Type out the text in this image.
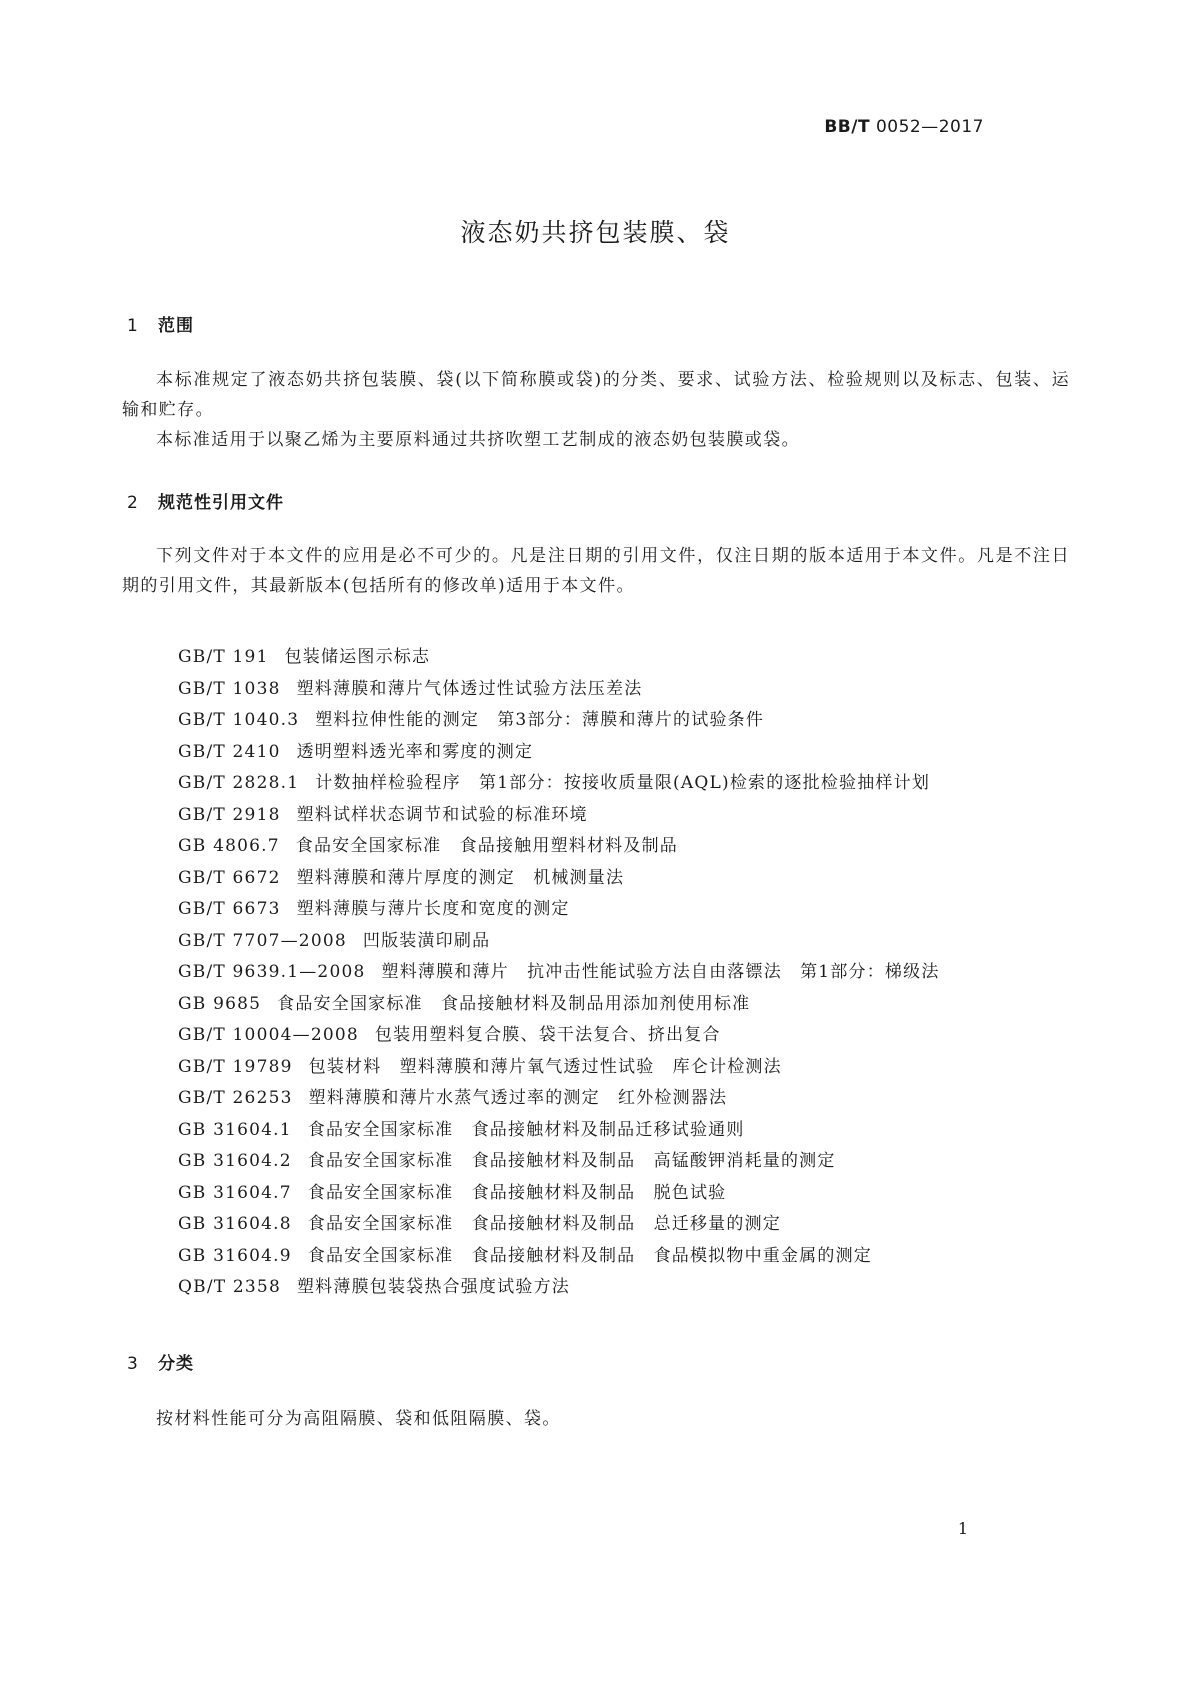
BB/T 0052—2017
液态奶共挤包装膜、袋
1 范围

本标准规定了液态奶共挤包装膜、袋(以下简称膜或袋)的分类、要求、试验方法、检验规则以及标志、包装、运输和贮存。

本标准适用于以聚乙烯为主要原料通过共挤吹塑工艺制成的液态奶包装膜或袋。

2 规范性引用文件

下列文件对于本文件的应用是必不可少的。凡是注日期的引用文件，仅注日期的版本适用于本文件。凡是不注日期的引用文件，其最新版本(包括所有的修改单)适用于本文件。

GB/T 191 包装储运图示标志
GB/T 1038 塑料薄膜和薄片气体透过性试验方法压差法
GB/T 1040.3 塑料拉伸性能的测定　第3部分：薄膜和薄片的试验条件
GB/T 2410 透明塑料透光率和雾度的测定
GB/T 2828.1 计数抽样检验程序　第1部分：按接收质量限(AQL)检索的逐批检验抽样计划
GB/T 2918 塑料试样状态调节和试验的标准环境
GB 4806.7 食品安全国家标准　食品接触用塑料材料及制品
GB/T 6672 塑料薄膜和薄片厚度的测定　机械测量法
GB/T 6673 塑料薄膜与薄片长度和宽度的测定
GB/T 7707—2008 凹版装潢印刷品
GB/T 9639.1—2008 塑料薄膜和薄片　抗冲击性能试验方法自由落镖法　第1部分：梯级法
GB 9685 食品安全国家标准　食品接触材料及制品用添加剂使用标准
GB/T 10004—2008 包装用塑料复合膜、袋干法复合、挤出复合
GB/T 19789 包装材料　塑料薄膜和薄片氧气透过性试验　库仑计检测法
GB/T 26253 塑料薄膜和薄片水蒸气透过率的测定　红外检测器法
GB 31604.1 食品安全国家标准　食品接触材料及制品迁移试验通则
GB 31604.2 食品安全国家标准　食品接触材料及制品　高锰酸钾消耗量的测定
GB 31604.7 食品安全国家标准　食品接触材料及制品　脱色试验
GB 31604.8 食品安全国家标准　食品接触材料及制品　总迁移量的测定
GB 31604.9 食品安全国家标准　食品接触材料及制品　食品模拟物中重金属的测定
QB/T 2358 塑料薄膜包装袋热合强度试验方法
3 分类

按材料性能可分为高阻隔膜、袋和低阻隔膜、袋。

1
